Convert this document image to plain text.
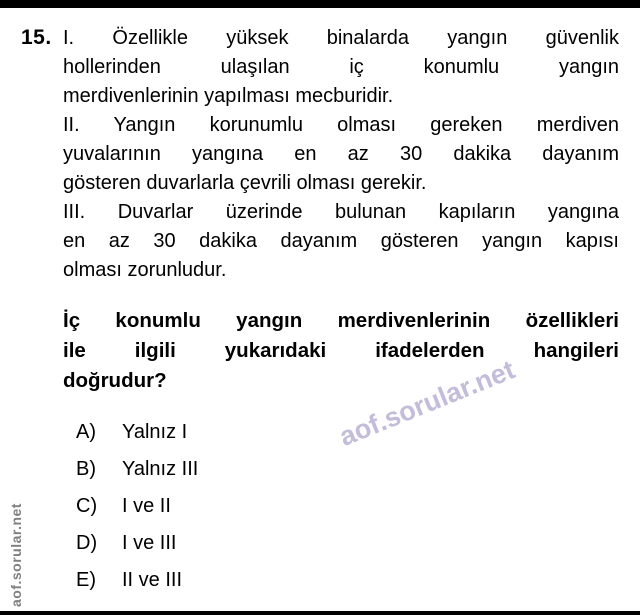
15. I. Özellikle yüksek binalarda yangın güvenlik
hollerinden ulaşılan iç konumlu yangın
merdivenlerinin yapılması mecburidir.
II. Yangın korunumlu olması gereken merdiven
yuvalarının yangına en az 30 dakika dayanım
gösteren duvarlarla çevrili olması gerekir.
III. Duvarlar üzerinde bulunan kapıların yangına
en az 30 dakika dayanım gösteren yangın kapısı
olması zorunludur.
İç konumlu yangın merdivenlerinin özellikleri
ile ilgili yukarıdaki ifadelerden hangileri
doğrudur?
A)	Yalnız I
B)	Yalnız III
C)	I ve II
D)	I ve III
E)	II ve III
aof.sorular.net
aof.sorular.net
